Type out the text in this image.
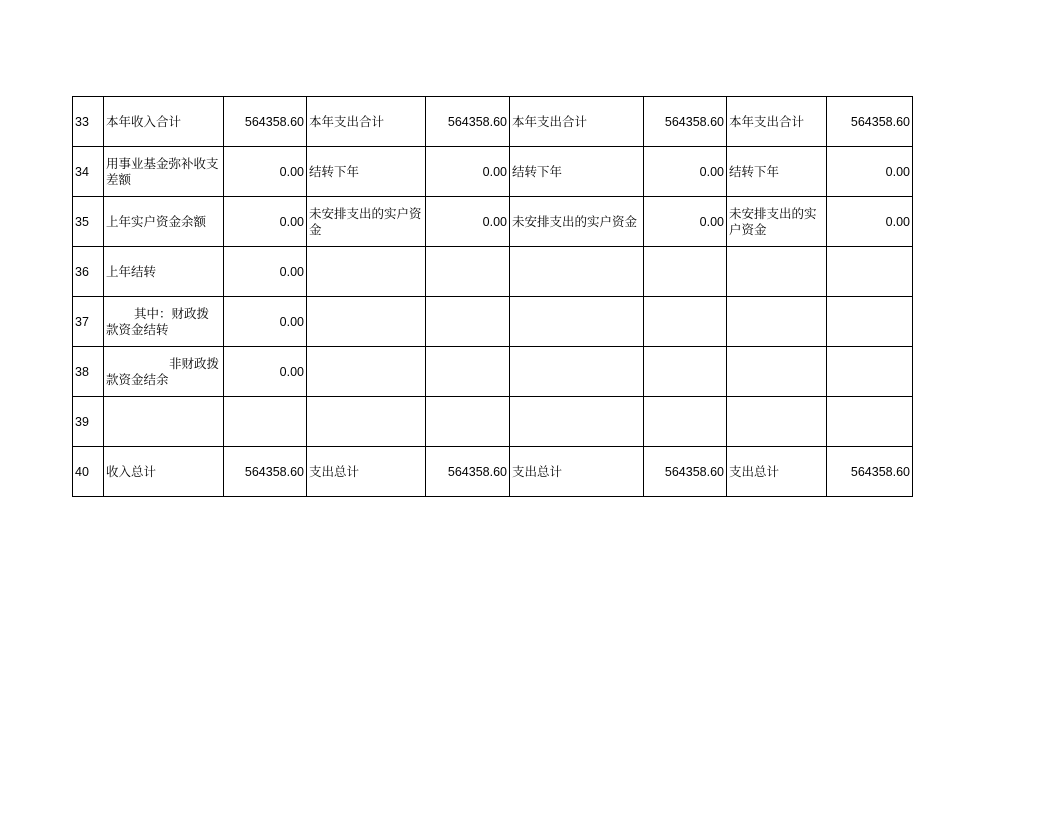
33	本年收入合计	564358.60	本年支出合计	564358.60	本年支出合计	564358.60	本年支出合计	564358.60
34	用事业基金弥补收支差额	0.00	结转下年	0.00	结转下年	0.00	结转下年	0.00
35	上年实户资金余额	0.00	未安排支出的实户资金	0.00	未安排支出的实户资金	0.00	未安排支出的实户资金	0.00
36	上年结转	0.00						
37	其中：财政拨款资金结转	0.00						
38	非财政拨款资金结余	0.00						
39								
40	收入总计	564358.60	支出总计	564358.60	支出总计	564358.60	支出总计	564358.60
